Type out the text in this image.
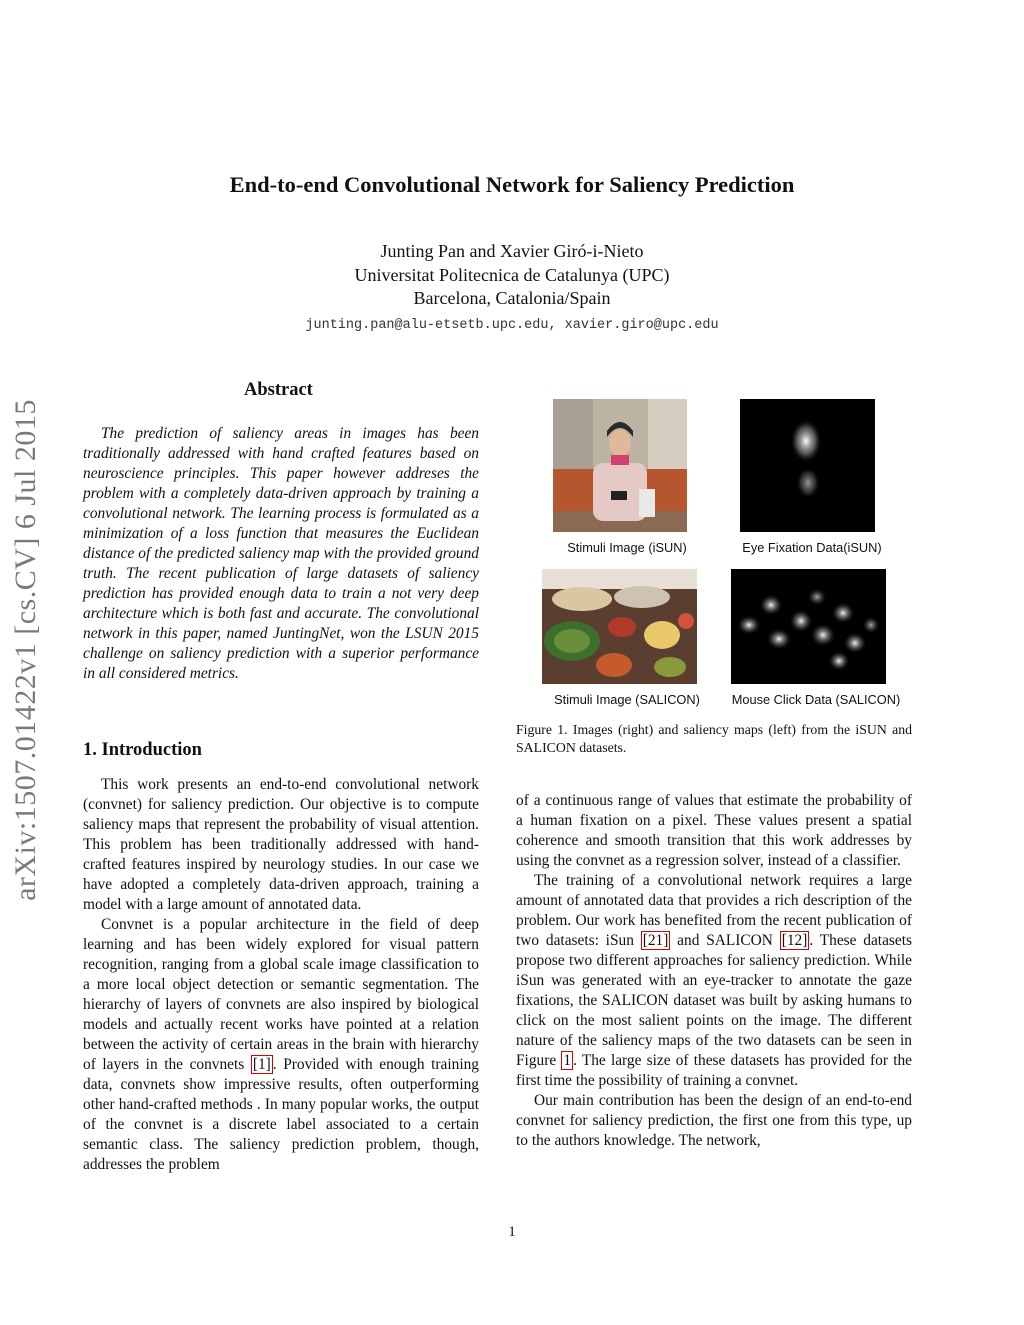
arXiv:1507.01422v1 [cs.CV] 6 Jul 2015
End-to-end Convolutional Network for Saliency Prediction
Junting Pan and Xavier Giró-i-Nieto
Universitat Politecnica de Catalunya (UPC)
Barcelona, Catalonia/Spain
junting.pan@alu-etsetb.upc.edu, xavier.giro@upc.edu
Abstract

The prediction of saliency areas in images has been traditionally addressed with hand crafted features based on neuroscience principles. This paper however addreses the problem with a completely data-driven approach by training a convolutional network. The learning process is formulated as a minimization of a loss function that measures the Euclidean distance of the predicted saliency map with the provided ground truth. The recent publication of large datasets of saliency prediction has provided enough data to train a not very deep architecture which is both fast and accurate. The convolutional network in this paper, named JuntingNet, won the LSUN 2015 challenge on saliency prediction with a superior performance in all considered metrics.

1. Introduction

This work presents an end-to-end convolutional network (convnet) for saliency prediction. Our objective is to compute saliency maps that represent the probability of visual attention. This problem has been traditionally addressed with hand-crafted features inspired by neurology studies. In our case we have adopted a completely data-driven approach, training a model with a large amount of annotated data.

Convnet is a popular architecture in the field of deep learning and has been widely explored for visual pattern recognition, ranging from a global scale image classification to a more local object detection or semantic segmentation. The hierarchy of layers of convnets are also inspired by biological models and actually recent works have pointed at a relation between the activity of certain areas in the brain with hierarchy of layers in the convnets [1] . Provided with enough training data, convnets show impressive results, often outperforming other hand-crafted methods . In many popular works, the output of the convnet is a discrete label associated to a certain semantic class. The saliency prediction problem, though, addresses the problem

Stimuli Image (iSUN)	Eye Fixation Data(iSUN)
Stimuli Image (SALICON)	Mouse Click Data (SALICON)
Figure 1. Images (right) and saliency maps (left) from the iSUN and SALICON datasets.

of a continuous range of values that estimate the probability of a human fixation on a pixel. These values present a spatial coherence and smooth transition that this work addresses by using the convnet as a regression solver, instead of a classifier.

The training of a convolutional network requires a large amount of annotated data that provides a rich description of the problem. Our work has benefited from the recent publication of two datasets: iSun [21] and SALICON [12] . These datasets propose two different approaches for saliency prediction. While iSun was generated with an eye-tracker to annotate the gaze fixations, the SALICON dataset was built by asking humans to click on the most salient points on the image. The different nature of the saliency maps of the two datasets can be seen in Figure 1 . The large size of these datasets has provided for the first time the possibility of training a convnet.

Our main contribution has been the design of an end-to-end convnet for saliency prediction, the first one from this type, up to the authors knowledge. The network,

1
